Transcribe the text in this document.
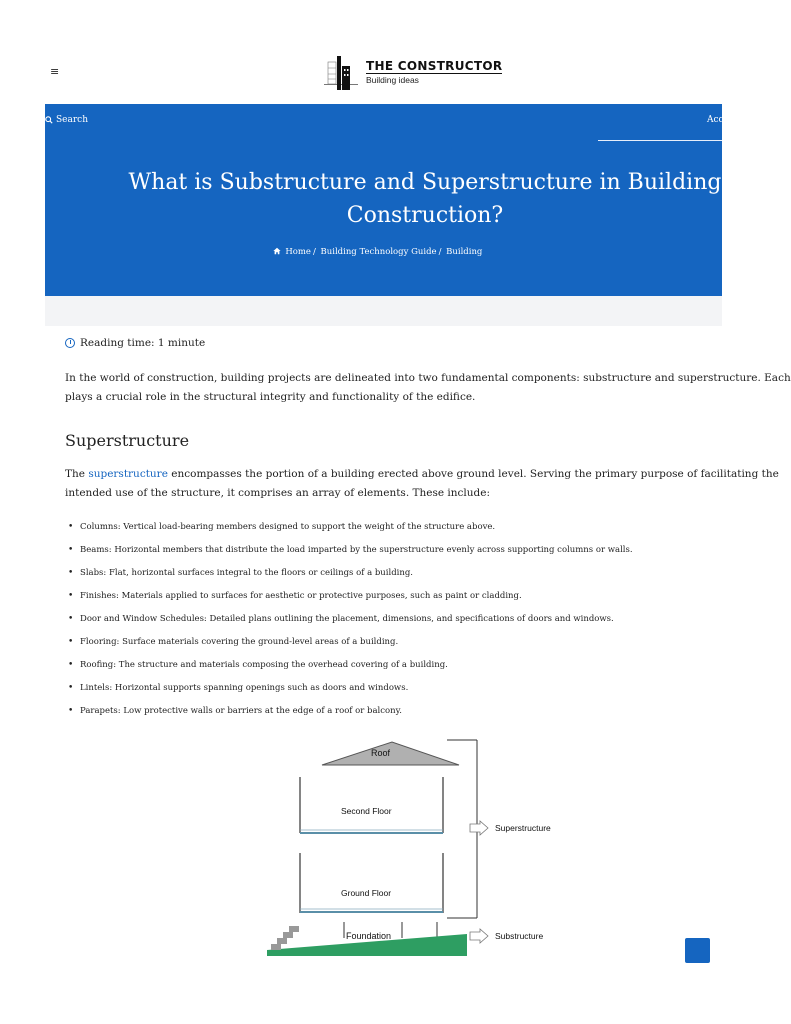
≡	THE CONSTRUCTOR
Building ideas
Search	Account
What is Substructure and Superstructure in Building Construction?
Home / Building Technology Guide / Building
Reading time: 1 minute
In the world of construction, building projects are delineated into two fundamental components: substructure and superstructure. Each
plays a crucial role in the structural integrity and functionality of the edifice.
Superstructure
The superstructure encompasses the portion of a building erected above ground level. Serving the primary purpose of facilitating the
intended use of the structure, it comprises an array of elements. These include:
• Columns: Vertical load-bearing members designed to support the weight of the structure above.
• Beams: Horizontal members that distribute the load imparted by the superstructure evenly across supporting columns or walls.
• Slabs: Flat, horizontal surfaces integral to the floors or ceilings of a building.
• Finishes: Materials applied to surfaces for aesthetic or protective purposes, such as paint or cladding.
• Door and Window Schedules: Detailed plans outlining the placement, dimensions, and specifications of doors and windows.
• Flooring: Surface materials covering the ground-level areas of a building.
• Roofing: The structure and materials composing the overhead covering of a building.
• Lintels: Horizontal supports spanning openings such as doors and windows.
• Parapets: Low protective walls or barriers at the edge of a roof or balcony.
Roof
Second Floor
Ground Floor
Foundation
Superstructure
Substructure
